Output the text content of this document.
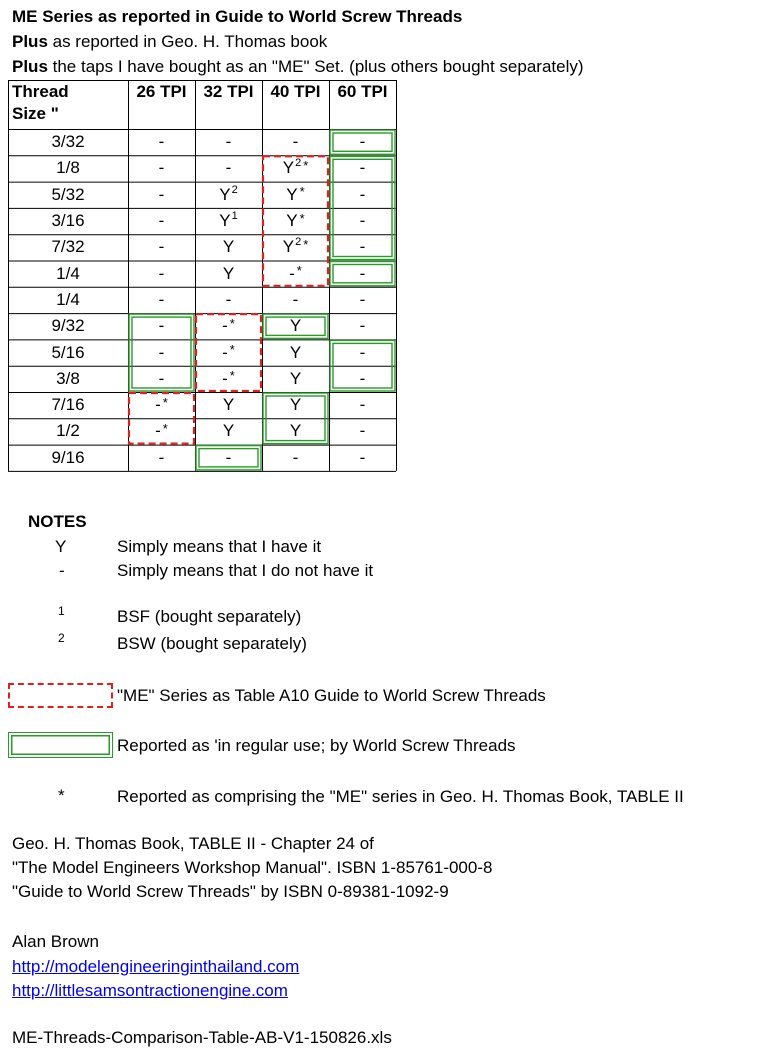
ME Series as reported in Guide to World Screw Threads
Plus as reported in Geo. H. Thomas book
Plus the taps I have bought as an "ME" Set. (plus others bought separately)
Thread
Size "
26 TPI 32 TPI 40 TPI 60 TPI
3/32	-	-	-	-
1/8	-	-	$Y^2$ *	-
5/32	-	$Y^2$	Y *	-
3/16	-	$Y^1$	Y *	-
7/32	-	Y	$Y^2$ *	-
1/4	-	Y	- *	-
1/4	-	-	-	-
9/32	-	- *	Y	-
5/16	-	- *	Y	-
3/8	-	- *	Y	-
7/16	- *	Y	Y	-
1/2	- *	Y	Y	-
9/16	-	-	-	-
NOTES
Y	Simply means that I have it
-	Simply means that I do not have it
1	BSF (bought separately)
2	BSW (bought separately)
"ME" Series as Table A10 Guide to World Screw Threads
Reported as 'in regular use; by World Screw Threads
*	Reported as comprising the "ME" series in Geo. H. Thomas Book, TABLE II
Geo. H. Thomas Book, TABLE II - Chapter 24 of
"The Model Engineers Workshop Manual". ISBN 1-85761-000-8
"Guide to World Screw Threads" by ISBN 0-89381-1092-9
Alan Brown
http://modelengineeringinthailand.com
http://littlesamsontractionengine.com
ME-Threads-Comparison-Table-AB-V1-150826.xls
